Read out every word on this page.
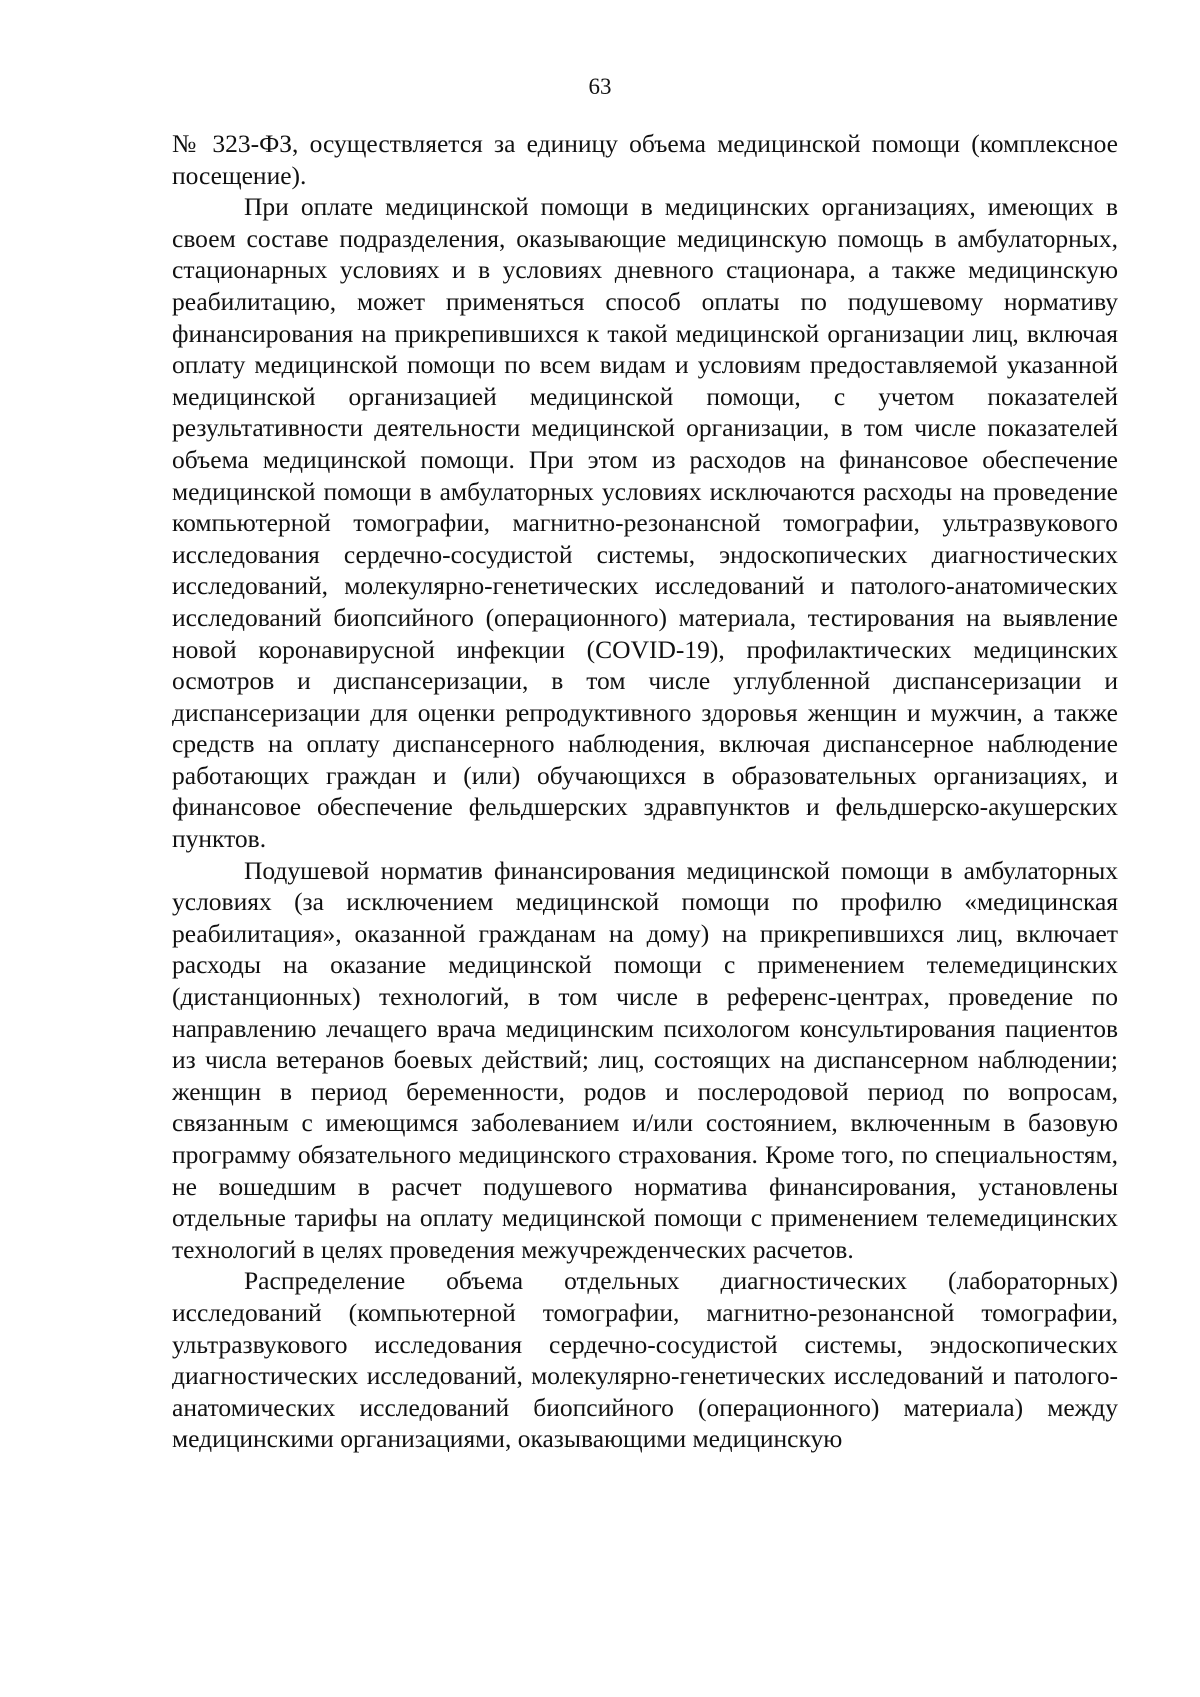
63

№ 323-ФЗ, осуществляется за единицу объема медицинской помощи (комплексное посещение).

При оплате медицинской помощи в медицинских организациях, имеющих в своем составе подразделения, оказывающие медицинскую помощь в амбулаторных, стационарных условиях и в условиях дневного стационара, а также медицинскую реабилитацию, может применяться способ оплаты по подушевому нормативу финансирования на прикрепившихся к такой медицинской организации лиц, включая оплату медицинской помощи по всем видам и условиям предоставляемой указанной медицинской организацией медицинской помощи, с учетом показателей результативности деятельности медицинской организации, в том числе показателей объема медицинской помощи. При этом из расходов на финансовое обеспечение медицинской помощи в амбулаторных условиях исключаются расходы на проведение компьютерной томографии, магнитно-резонансной томографии, ультразвукового исследования сердечно-сосудистой системы, эндоскопических диагностических исследований, молекулярно-генетических исследований и патолого-анатомических исследований биопсийного (операционного) материала, тестирования на выявление новой коронавирусной инфекции (COVID-19), профилактических медицинских осмотров и диспансеризации, в том числе углубленной диспансеризации и диспансеризации для оценки репродуктивного здоровья женщин и мужчин, а также средств на оплату диспансерного наблюдения, включая диспансерное наблюдение работающих граждан и (или) обучающихся в образовательных организациях, и финансовое обеспечение фельдшерских здравпунктов и фельдшерско-акушерских пунктов.

Подушевой норматив финансирования медицинской помощи в амбулаторных условиях (за исключением медицинской помощи по профилю «медицинская реабилитация», оказанной гражданам на дому) на прикрепившихся лиц, включает расходы на оказание медицинской помощи с применением телемедицинских (дистанционных) технологий, в том числе в референс-центрах, проведение по направлению лечащего врача медицинским психологом консультирования пациентов из числа ветеранов боевых действий; лиц, состоящих на диспансерном наблюдении; женщин в период беременности, родов и послеродовой период по вопросам, связанным с имеющимся заболеванием и/или состоянием, включенным в базовую программу обязательного медицинского страхования. Кроме того, по специальностям, не вошедшим в расчет подушевого норматива финансирования, установлены отдельные тарифы на оплату медицинской помощи с применением телемедицинских технологий в целях проведения межучрежденческих расчетов.

Распределение объема отдельных диагностических (лабораторных) исследований (компьютерной томографии, магнитно-резонансной томографии, ультразвукового исследования сердечно-сосудистой системы, эндоскопических диагностических исследований, молекулярно-генетических исследований и патолого-анатомических исследований биопсийного (операционного) материала) между медицинскими организациями, оказывающими медицинскую
